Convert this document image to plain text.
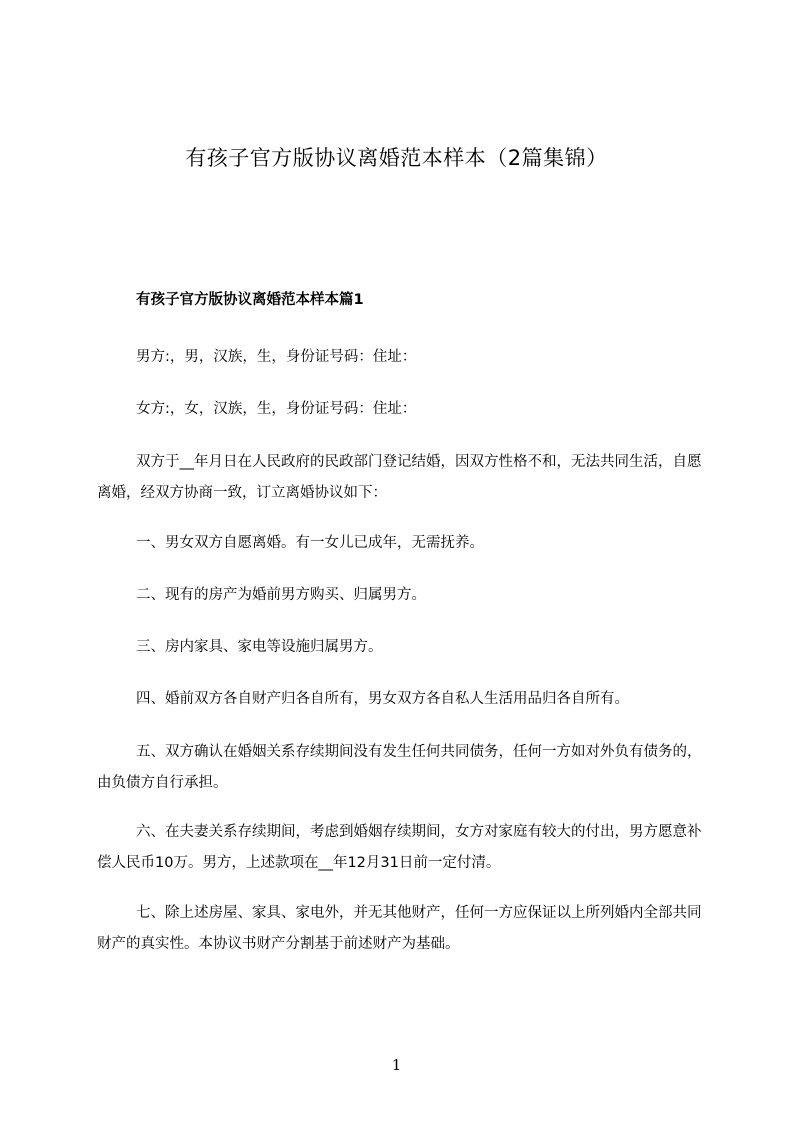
有孩子官方版协议离婚范本样本（2篇集锦）
有孩子官方版协议离婚范本样本篇1

男方:，男，汉族，生，身份证号码：住址：

女方:，女，汉族，生，身份证号码：住址：

双方于__年月日在人民政府的民政部门登记结婚，因双方性格不和，无法共同生活，自愿离婚，经双方协商一致，订立离婚协议如下：

一、男女双方自愿离婚。有一女儿已成年，无需抚养。

二、现有的房产为婚前男方购买、归属男方。

三、房内家具、家电等设施归属男方。

四、婚前双方各自财产归各自所有，男女双方各自私人生活用品归各自所有。

五、双方确认在婚姻关系存续期间没有发生任何共同债务，任何一方如对外负有债务的，由负债方自行承担。

六、在夫妻关系存续期间，考虑到婚姻存续期间，女方对家庭有较大的付出，男方愿意补偿人民币10万。男方，上述款项在__年12月31日前一定付清。

七、除上述房屋、家具、家电外，并无其他财产，任何一方应保证以上所列婚内全部共同财产的真实性。本协议书财产分割基于前述财产为基础。

1
